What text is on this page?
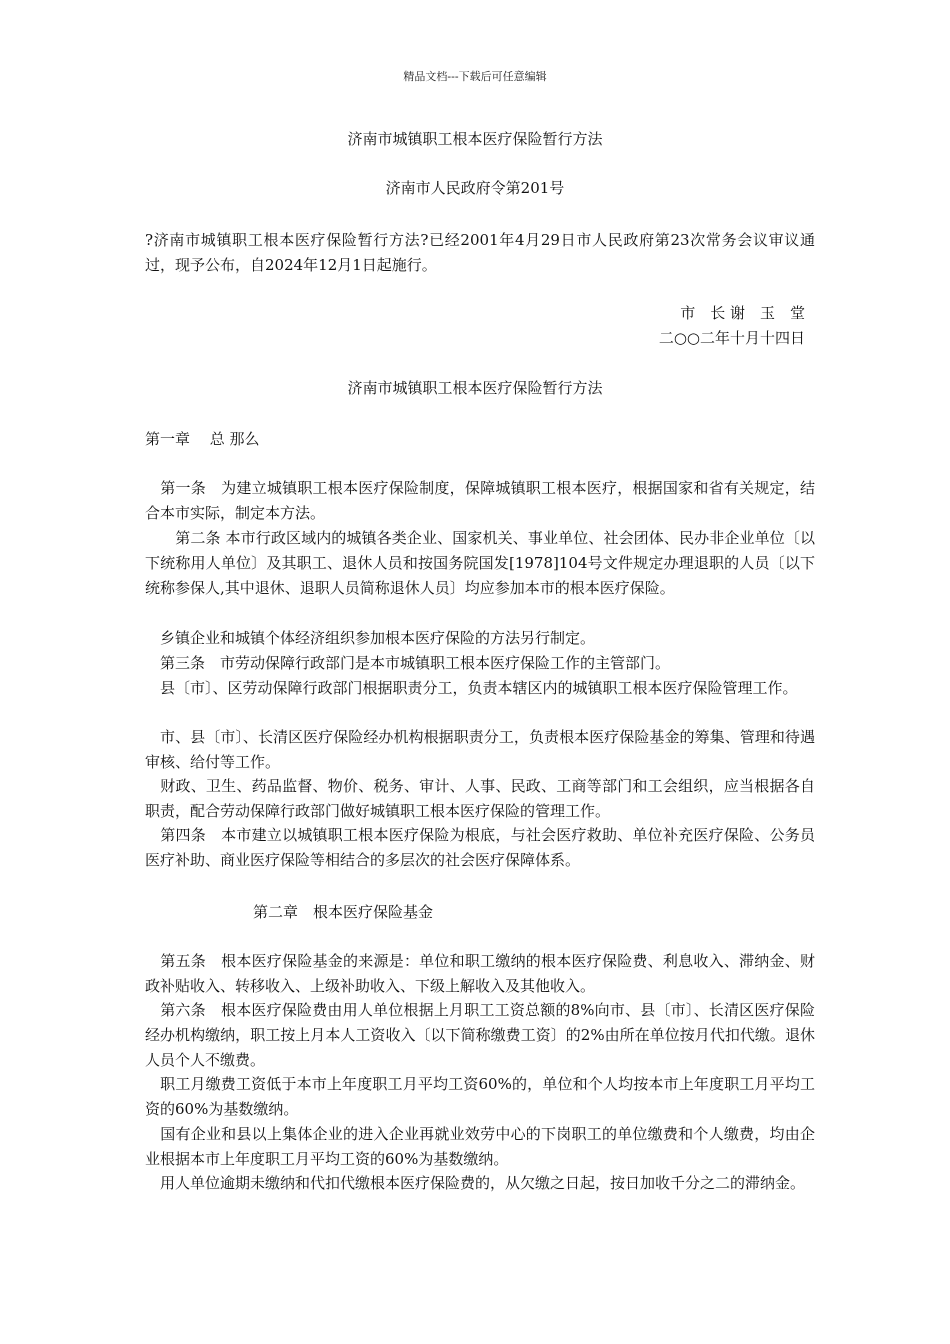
精品文档---下载后可任意编辑
济南市城镇职工根本医疗保险暂行方法
济南市人民政府令第201号

?济南市城镇职工根本医疗保险暂行方法?已经2001年4月29日市人民政府第23次常务会议审议通过，现予公布，自2024年12月1日起施行。

市　长 谢　玉　堂
二○○二年十月十四日
济南市城镇职工根本医疗保险暂行方法
第一章　 总 那么

　第一条　为建立城镇职工根本医疗保险制度，保障城镇职工根本医疗，根据国家和省有关规定，结合本市实际，制定本方法。

　　第二条 本市行政区域内的城镇各类企业、国家机关、事业单位、社会团体、民办非企业单位〔以下统称用人单位〕及其职工、退休人员和按国务院国发[1978]104号文件规定办理退职的人员〔以下统称参保人,其中退休、退职人员简称退休人员〕均应参加本市的根本医疗保险。

　乡镇企业和城镇个体经济组织参加根本医疗保险的方法另行制定。

　第三条　市劳动保障行政部门是本市城镇职工根本医疗保险工作的主管部门。

　县〔市〕、区劳动保障行政部门根据职责分工，负责本辖区内的城镇职工根本医疗保险管理工作。

　市、县〔市〕、长清区医疗保险经办机构根据职责分工，负责根本医疗保险基金的筹集、管理和待遇审核、给付等工作。

　财政、卫生、药品监督、物价、税务、审计、人事、民政、工商等部门和工会组织，应当根据各自职责，配合劳动保障行政部门做好城镇职工根本医疗保险的管理工作。

　第四条　本市建立以城镇职工根本医疗保险为根底，与社会医疗救助、单位补充医疗保险、公务员医疗补助、商业医疗保险等相结合的多层次的社会医疗保障体系。

第二章　根本医疗保险基金

　第五条　根本医疗保险基金的来源是：单位和职工缴纳的根本医疗保险费、利息收入、滞纳金、财政补贴收入、转移收入、上级补助收入、下级上解收入及其他收入。

　第六条　根本医疗保险费由用人单位根据上月职工工资总额的8%向市、县〔市〕、长清区医疗保险经办机构缴纳，职工按上月本人工资收入〔以下简称缴费工资〕的2%由所在单位按月代扣代缴。退休人员个人不缴费。

　职工月缴费工资低于本市上年度职工月平均工资60%的，单位和个人均按本市上年度职工月平均工资的60%为基数缴纳。

　国有企业和县以上集体企业的进入企业再就业效劳中心的下岗职工的单位缴费和个人缴费，均由企业根据本市上年度职工月平均工资的60%为基数缴纳。

　用人单位逾期未缴纳和代扣代缴根本医疗保险费的，从欠缴之日起，按日加收千分之二的滞纳金。
